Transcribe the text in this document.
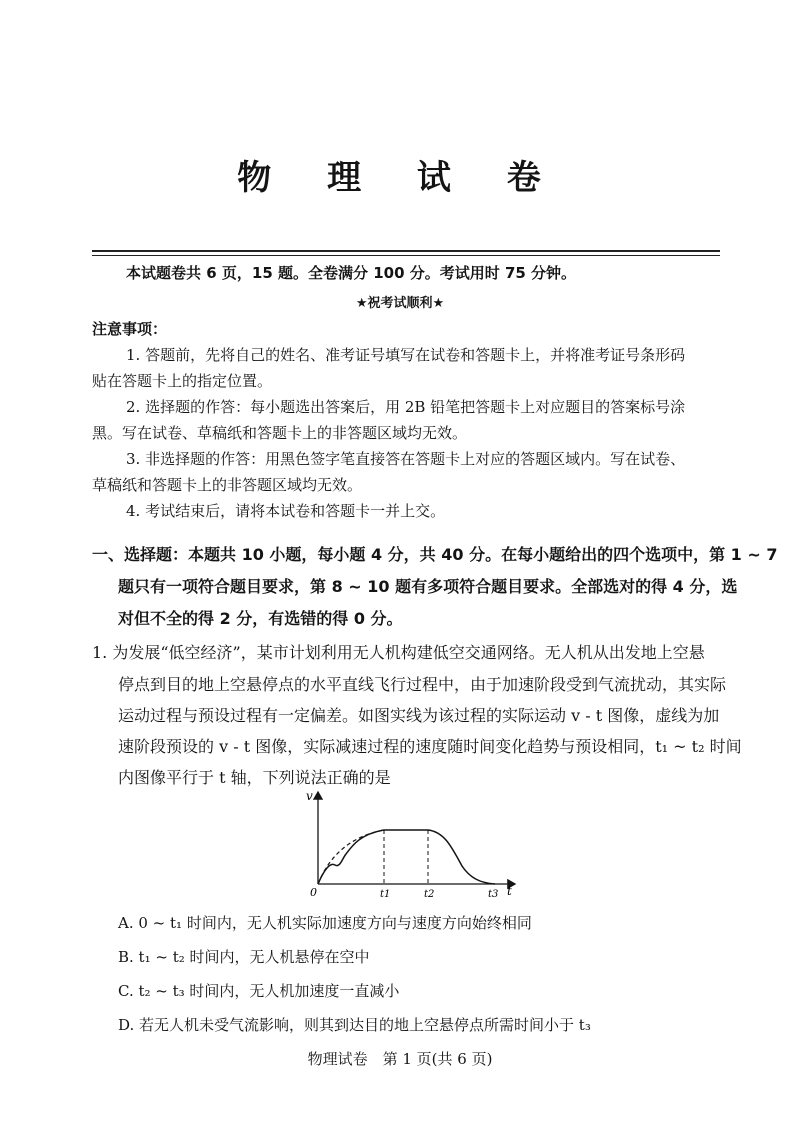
物 理 试 卷
本试题卷共 6 页，15 题。全卷满分 100 分。考试用时 75 分钟。
★祝考试顺利★
注意事项：
1. 答题前，先将自己的姓名、准考证号填写在试卷和答题卡上，并将准考证号条形码
贴在答题卡上的指定位置。
2. 选择题的作答：每小题选出答案后，用 2B 铅笔把答题卡上对应题目的答案标号涂
黑。写在试卷、草稿纸和答题卡上的非答题区域均无效。
3. 非选择题的作答：用黑色签字笔直接答在答题卡上对应的答题区域内。写在试卷、
草稿纸和答题卡上的非答题区域均无效。
4. 考试结束后，请将本试卷和答题卡一并上交。
一、选择题：本题共 10 小题，每小题 4 分，共 40 分。在每小题给出的四个选项中，第 1 ~ 7
题只有一项符合题目要求，第 8 ~ 10 题有多项符合题目要求。全部选对的得 4 分，选
对但不全的得 2 分，有选错的得 0 分。
1. 为发展“低空经济”，某市计划利用无人机构建低空交通网络。无人机从出发地上空悬
停点到目的地上空悬停点的水平直线飞行过程中，由于加速阶段受到气流扰动，其实际
运动过程与预设过程有一定偏差。如图实线为该过程的实际运动 v - t 图像，虚线为加
速阶段预设的 v - t 图像，实际减速过程的速度随时间变化趋势与预设相同，t₁ ~ t₂ 时间
内图像平行于 t 轴，下列说法正确的是
v
0	t1	t2	t3 t
A. 0 ~ t₁ 时间内，无人机实际加速度方向与速度方向始终相同
B. t₁ ~ t₂ 时间内，无人机悬停在空中
C. t₂ ~ t₃ 时间内，无人机加速度一直减小
D. 若无人机未受气流影响，则其到达目的地上空悬停点所需时间小于 t₃
物理试卷　第 1 页(共 6 页)
